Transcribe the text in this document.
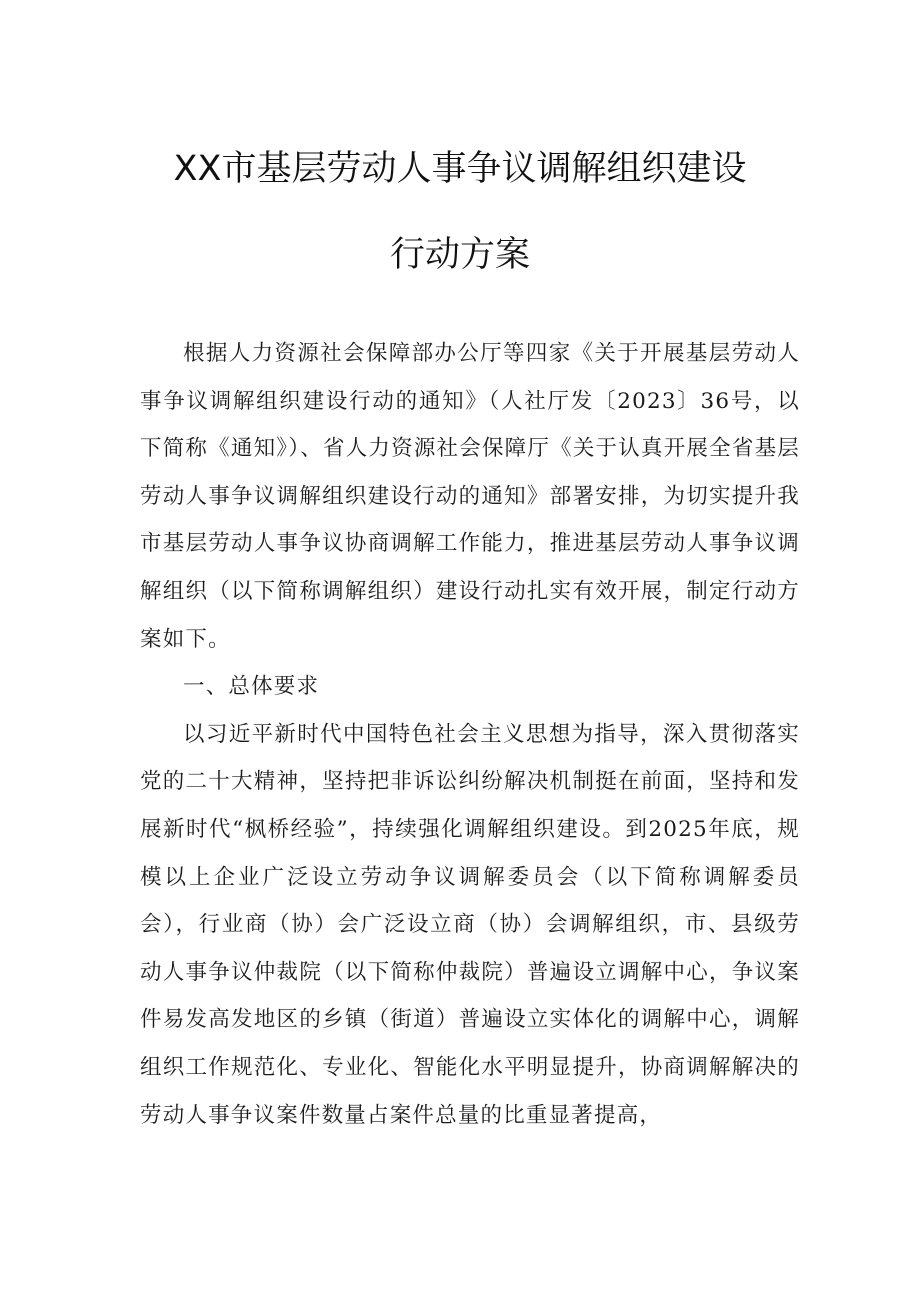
XX市基层劳动人事争议调解组织建设
行动方案

根据人力资源社会保障部办公厅等四家《关于开展基层劳动人事争议调解组织建设行动的通知》（人社厅发〔2023〕36号，以下简称《通知》）、省人力资源社会保障厅《关于认真开展全省基层劳动人事争议调解组织建设行动的通知》部署安排，为切实提升我市基层劳动人事争议协商调解工作能力，推进基层劳动人事争议调解组织（以下简称调解组织）建设行动扎实有效开展，制定行动方案如下。

一、总体要求

以习近平新时代中国特色社会主义思想为指导，深入贯彻落实党的二十大精神，坚持把非诉讼纠纷解决机制挺在前面，坚持和发展新时代“枫桥经验”，持续强化调解组织建设。到2025年底，规模以上企业广泛设立劳动争议调解委员会（以下简称调解委员会），行业商（协）会广泛设立商（协）会调解组织，市、县级劳动人事争议仲裁院（以下简称仲裁院）普遍设立调解中心，争议案件易发高发地区的乡镇（街道）普遍设立实体化的调解中心，调解组织工作规范化、专业化、智能化水平明显提升，协商调解解决的劳动人事争议案件数量占案件总量的比重显著提高，
